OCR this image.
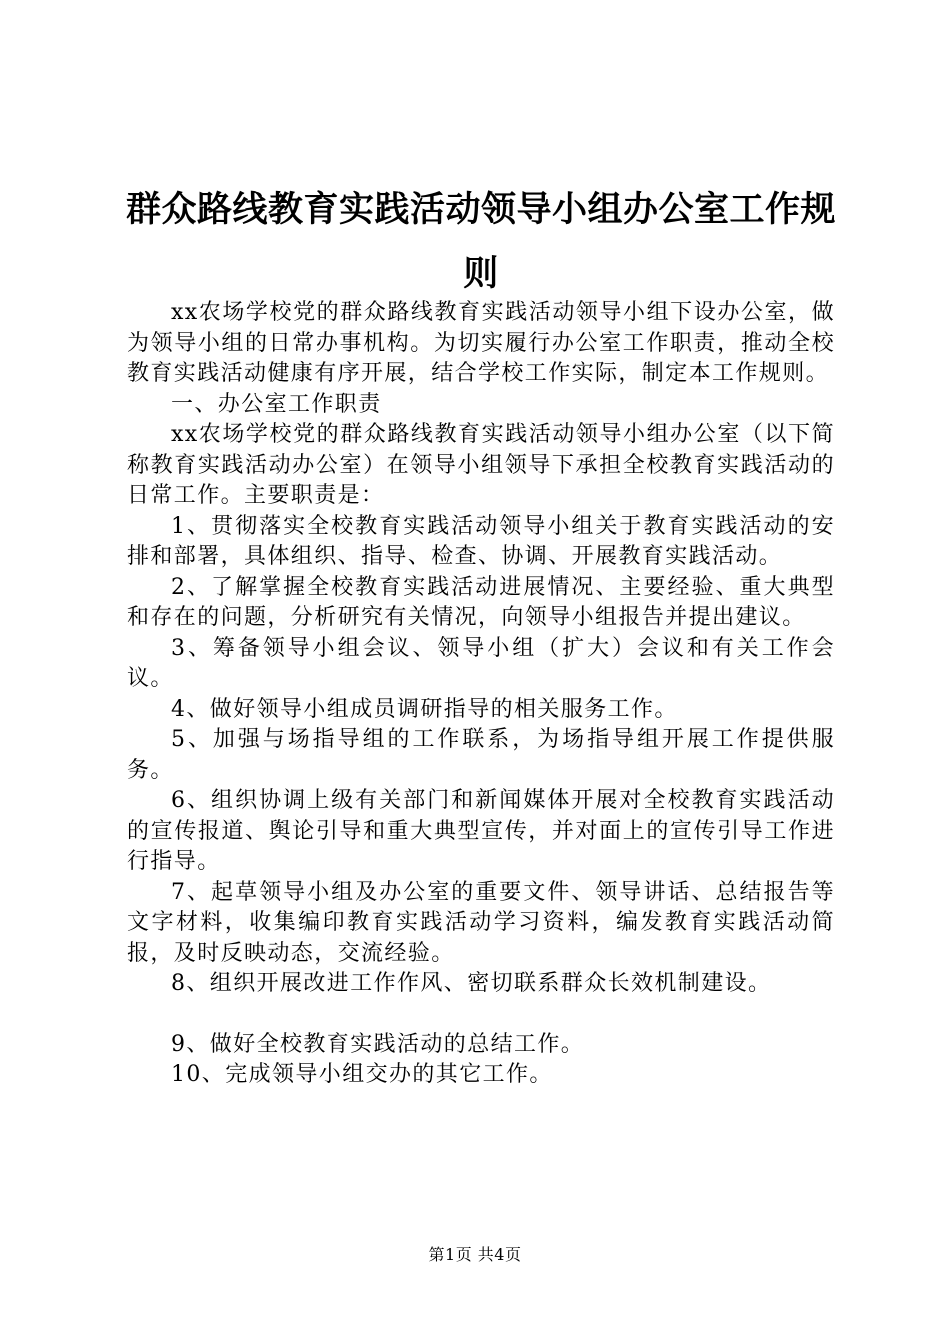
群众路线教育实践活动领导小组办公室工作规
则

xx农场学校党的群众路线教育实践活动领导小组下设办公室，做为领导小组的日常办事机构。为切实履行办公室工作职责，推动全校教育实践活动健康有序开展，结合学校工作实际，制定本工作规则。

一、办公室工作职责

xx农场学校党的群众路线教育实践活动领导小组办公室（以下简称教育实践活动办公室）在领导小组领导下承担全校教育实践活动的日常工作。主要职责是：

1、贯彻落实全校教育实践活动领导小组关于教育实践活动的安排和部署，具体组织、指导、检查、协调、开展教育实践活动。

2、了解掌握全校教育实践活动进展情况、主要经验、重大典型和存在的问题，分析研究有关情况，向领导小组报告并提出建议。

3、筹备领导小组会议、领导小组（扩大）会议和有关工作会议。

4、做好领导小组成员调研指导的相关服务工作。

5、加强与场指导组的工作联系，为场指导组开展工作提供服务。

6、组织协调上级有关部门和新闻媒体开展对全校教育实践活动的宣传报道、舆论引导和重大典型宣传，并对面上的宣传引导工作进行指导。

7、起草领导小组及办公室的重要文件、领导讲话、总结报告等文字材料，收集编印教育实践活动学习资料，编发教育实践活动简报，及时反映动态，交流经验。

8、组织开展改进工作作风、密切联系群众长效机制建设。

9、做好全校教育实践活动的总结工作。

10、完成领导小组交办的其它工作。

第1页 共4页
